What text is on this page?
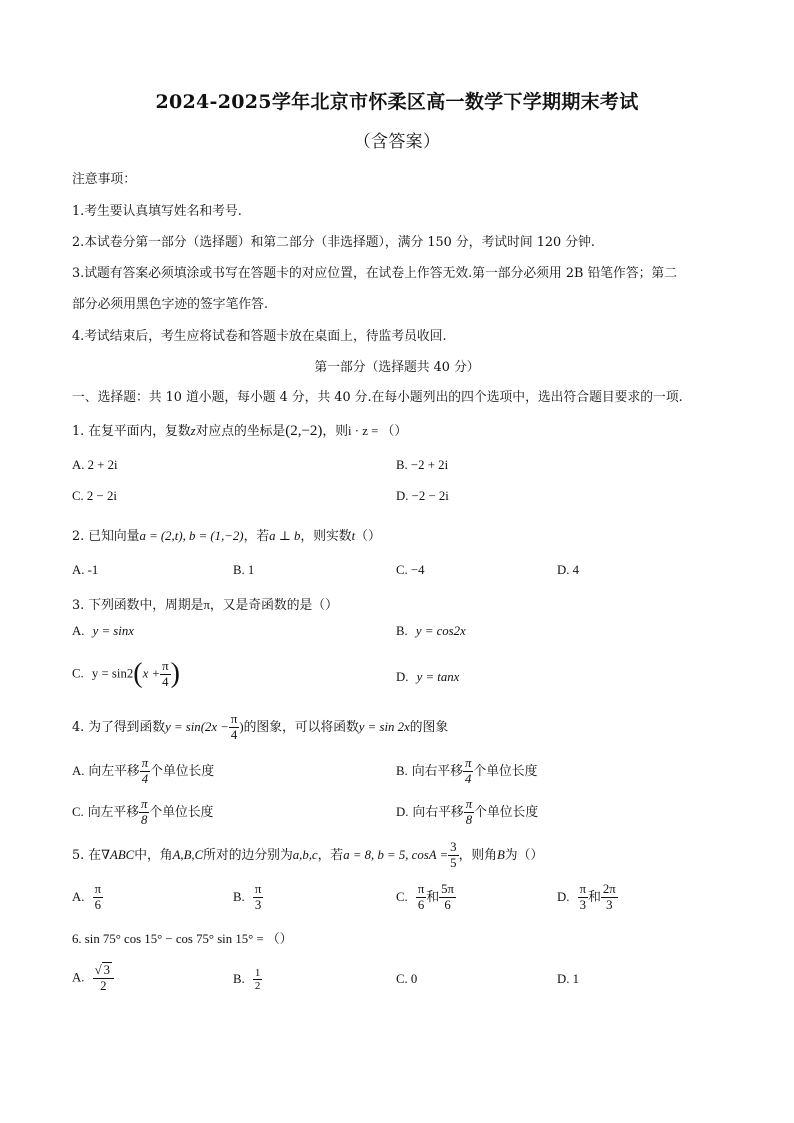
2024-2025学年北京市怀柔区高一数学下学期期末考试
（含答案）
注意事项：
1.考生要认真填写姓名和考号.
2.本试卷分第一部分（选择题）和第二部分（非选择题），满分 150 分，考试时间 120 分钟.
3.试题有答案必须填涂或书写在答题卡的对应位置，在试卷上作答无效.第一部分必须用 2B 铅笔作答；第二
部分必须用黑色字迹的签字笔作答.
4.考试结束后，考生应将试卷和答题卡放在桌面上，待监考员收回.
第一部分（选择题共 40 分）
一、选择题：共 10 道小题，每小题 4 分，共 40 分.在每小题列出的四个选项中，选出符合题目要求的一项.
1. 在复平面内，复数z对应点的坐标是(2,−2)，则i · z = （）
A. 2 + 2i	B. −2 + 2i
C. 2 − 2i	D. −2 − 2i
2. 已知向量a = (2,t), b = (1,−2)，若a ⊥ b，则实数t（）
A. -1	B. 1	C. −4	D. 4
3. 下列函数中，周期是π，又是奇函数的是（）
A. y = sinx	B. y = cos2x
C. $y = \sin 2(x + \frac{\pi}{4}$ )	D. y = tanx
4. 为了得到函数$y = \sin(2x - \frac{\pi}{4}$ )的图象，可以将函数y = sin 2x的图象
A. 向左平移 $\frac{\pi}{4}$ 个单位长度	B. 向右平移 $\frac{\pi}{4}$ 个单位长度
C. 向左平移 $\frac{\pi}{8}$ 个单位长度	D. 向右平移 $\frac{\pi}{8}$ 个单位长度
5. 在∇ABC中，角A,B,C所对的边分别为a,b,c，若a = 8, b = 5, $\cos A = \frac{3}{5}$ ，则角B为（）
A. $\frac{\pi}{6}$	B. $\frac{\pi}{3}$	C. $\frac{\pi}{6}$ 和 $\frac{5\pi}{6}$	D. $\frac{\pi}{3}$ 和 $\frac{2\pi}{3}$
6. sin 75° cos 15° − cos 75° sin 15° = （）
A. $\frac{√ 3}{2}$	B. $\frac{1}{2}$	C. 0	D. 1
